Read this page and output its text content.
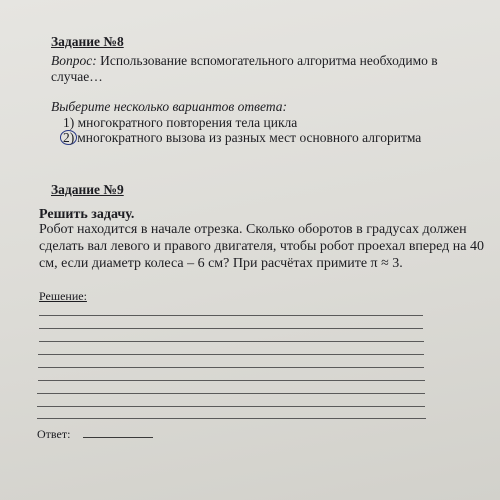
Задание №8
Вопрос: Использование вспомогательного алгоритма необходимо в
случае…
Выберите несколько вариантов ответа:
1) многократного повторения тела цикла
2) многократного вызова из разных мест основного алгоритма
Задание №9
Решить задачу.
Робот находится в начале отрезка. Сколько оборотов в градусах должен
сделать вал левого и правого двигателя, чтобы робот проехал вперед на 40
см, если диаметр колеса – 6 см? При расчётах примите π ≈ 3.
Решение:
Ответ:
